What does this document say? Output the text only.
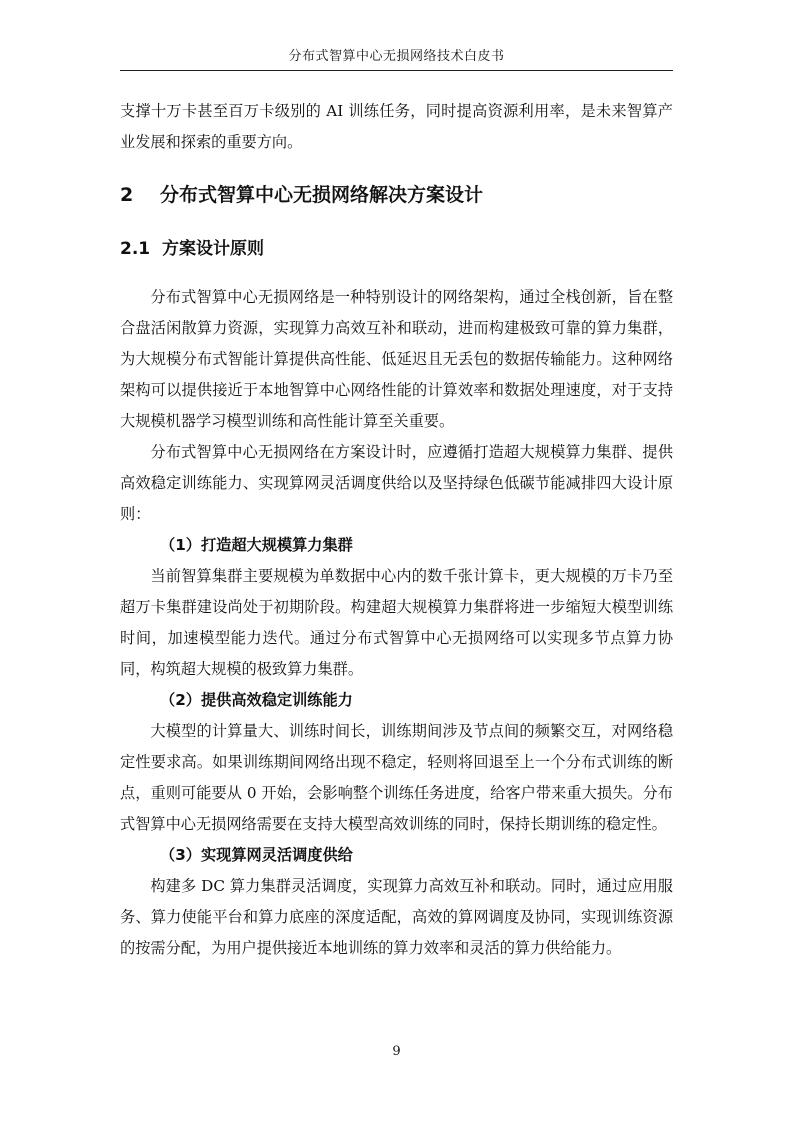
分布式智算中心无损网络技术白皮书

支撑十万卡甚至百万卡级别的 AI 训练任务，同时提高资源利用率，是未来智算产业发展和探索的重要方向。

2 分布式智算中心无损网络解决方案设计
2.1 方案设计原则

分布式智算中心无损网络是一种特别设计的网络架构，通过全栈创新，旨在整合盘活闲散算力资源，实现算力高效互补和联动，进而构建极致可靠的算力集群，为大规模分布式智能计算提供高性能、低延迟且无丢包的数据传输能力。这种网络架构可以提供接近于本地智算中心网络性能的计算效率和数据处理速度，对于支持大规模机器学习模型训练和高性能计算至关重要。

分布式智算中心无损网络在方案设计时，应遵循打造超大规模算力集群、提供高效稳定训练能力、实现算网灵活调度供给以及坚持绿色低碳节能减排四大设计原则：

（1）打造超大规模算力集群

当前智算集群主要规模为单数据中心内的数千张计算卡，更大规模的万卡乃至超万卡集群建设尚处于初期阶段。构建超大规模算力集群将进一步缩短大模型训练时间，加速模型能力迭代。通过分布式智算中心无损网络可以实现多节点算力协同，构筑超大规模的极致算力集群。

（2）提供高效稳定训练能力

大模型的计算量大、训练时间长，训练期间涉及节点间的频繁交互，对网络稳定性要求高。如果训练期间网络出现不稳定，轻则将回退至上一个分布式训练的断点，重则可能要从 0 开始，会影响整个训练任务进度，给客户带来重大损失。分布式智算中心无损网络需要在支持大模型高效训练的同时，保持长期训练的稳定性。

（3）实现算网灵活调度供给

构建多 DC 算力集群灵活调度，实现算力高效互补和联动。同时，通过应用服务、算力使能平台和算力底座的深度适配，高效的算网调度及协同，实现训练资源的按需分配，为用户提供接近本地训练的算力效率和灵活的算力供给能力。

9
